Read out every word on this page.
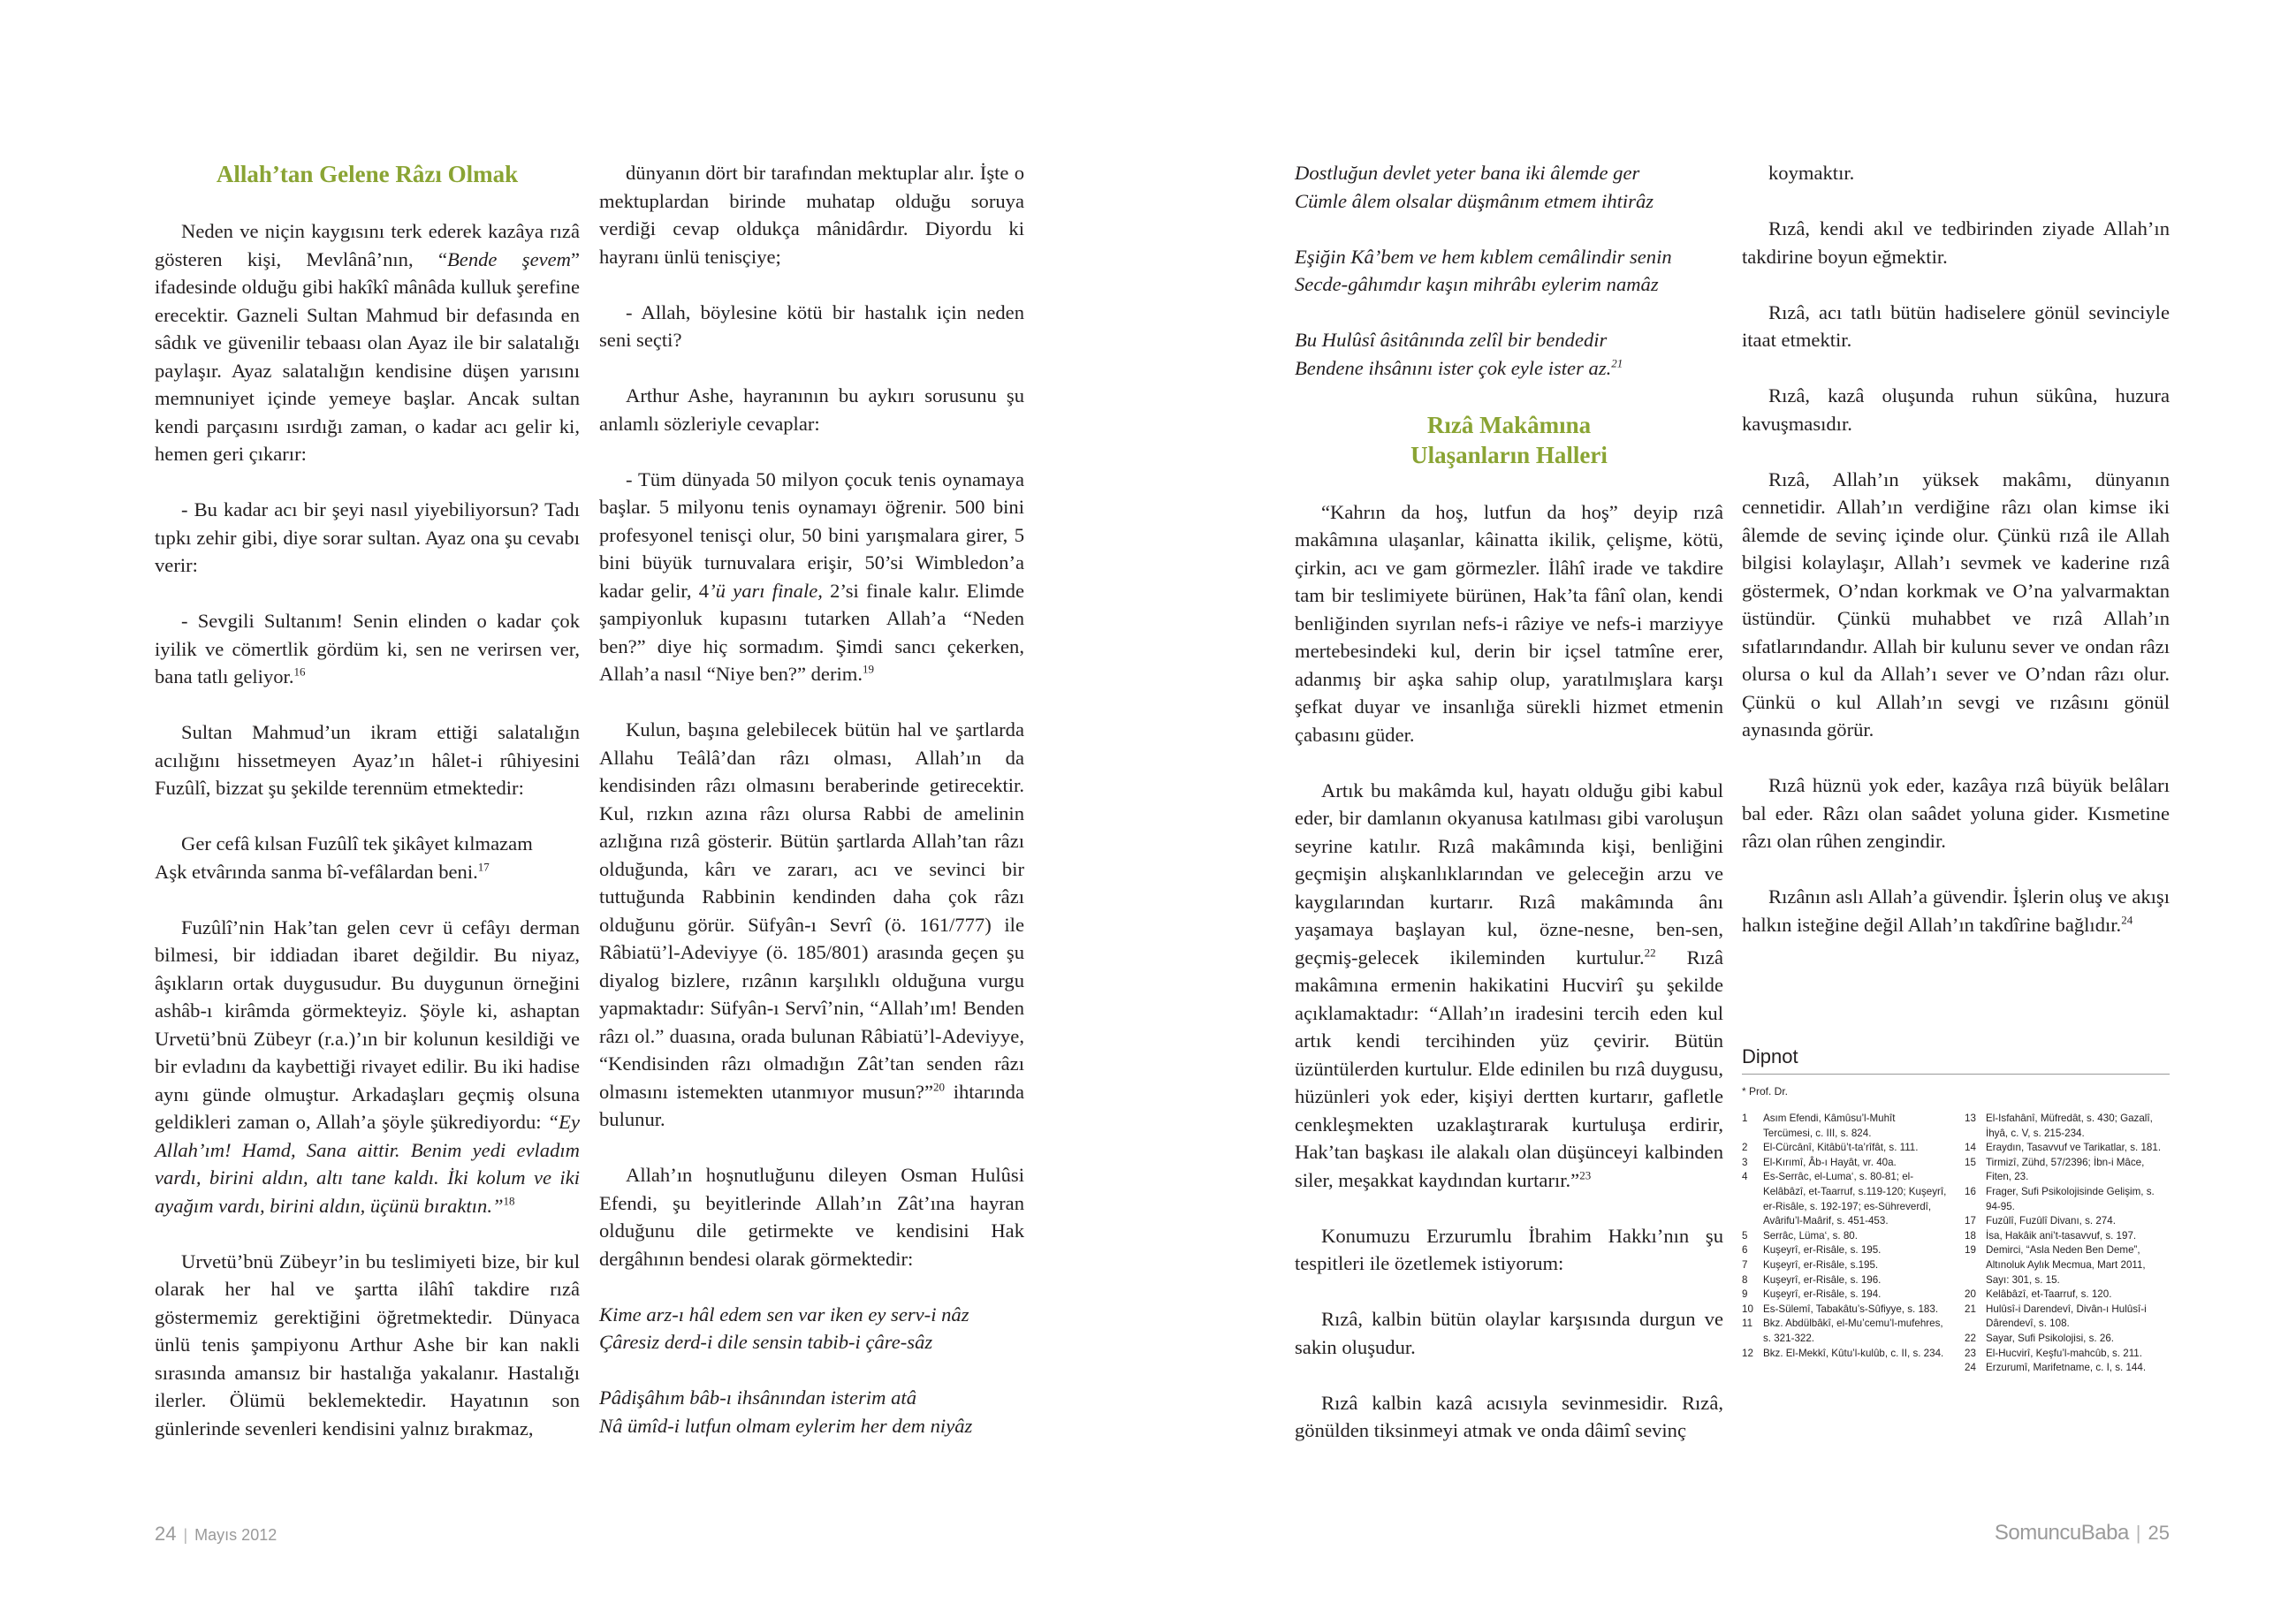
Allah’tan Gelene Râzı Olmak

Neden ve niçin kaygısını terk ederek kazâya rızâ gösteren kişi, Mevlânâ’nın, “Bende şevem” ifadesinde olduğu gibi hakîkî mânâda kulluk şerefine erecektir. Gazneli Sultan Mahmud bir defasında en sâdık ve güvenilir tebaası olan Ayaz ile bir salatalığı paylaşır. Ayaz salatalığın kendisine düşen yarısını memnuniyet içinde yemeye başlar. Ancak sultan kendi parçasını ısırdığı zaman, o kadar acı gelir ki, hemen geri çıkarır:

- Bu kadar acı bir şeyi nasıl yiyebiliyorsun? Tadı tıpkı zehir gibi, diye sorar sultan. Ayaz ona şu cevabı verir:

- Sevgili Sultanım! Senin elinden o kadar çok iyilik ve cömertlik gördüm ki, sen ne verirsen ver, bana tatlı geliyor.$^{16}$

Sultan Mahmud’un ikram ettiği salatalığın acılığını hissetmeyen Ayaz’ın hâlet-i rûhiyesini Fuzûlî, bizzat şu şekilde terennüm etmektedir:

Ger cefâ kılsan Fuzûlî tek şikâyet kılmazam
Aşk etvârında sanma bî-vefâlardan beni.$^{17}$

Fuzûlî’nin Hak’tan gelen cevr ü cefâyı derman bilmesi, bir iddiadan ibaret değildir. Bu niyaz, âşıkların ortak duygusudur. Bu duygunun örneğini ashâb-ı kirâmda görmekteyiz. Şöyle ki, ashaptan Urvetü’bnü Zübeyr (r.a.)’ın bir kolunun kesildiği ve bir evladını da kaybettiği rivayet edilir. Bu iki hadise aynı günde olmuştur. Arkadaşları geçmiş olsuna geldikleri zaman o, Allah’a şöyle şükrediyordu: “Ey Allah’ım! Hamd, Sana aittir. Benim yedi evladım vardı, birini aldın, altı tane kaldı. İki kolum ve iki ayağım vardı, birini aldın, üçünü bıraktın.”$^{18}$

Urvetü’bnü Zübeyr’in bu teslimiyeti bize, bir kul olarak her hal ve şartta ilâhî takdire rızâ göstermemiz gerektiğini öğretmektedir. Dünyaca ünlü tenis şampiyonu Arthur Ashe bir kan nakli sırasında amansız bir hastalığa yakalanır. Hastalığı ilerler. Ölümü beklemektedir. Hayatının son günlerinde sevenleri kendisini yalnız bırakmaz,

dünyanın dört bir tarafından mektuplar alır. İşte o mektuplardan birinde muhatap olduğu soruya verdiği cevap oldukça mânidârdır. Diyordu ki hayranı ünlü tenisçiye;

- Allah, böylesine kötü bir hastalık için neden seni seçti?

Arthur Ashe, hayranının bu aykırı sorusunu şu anlamlı sözleriyle cevaplar:

- Tüm dünyada 50 milyon çocuk tenis oynamaya başlar. 5 milyonu tenis oynamayı öğrenir. 500 bini profesyonel tenisçi olur, 50 bini yarışmalara girer, 5 bini büyük turnuvalara erişir, 50’si Wimbledon’a kadar gelir, 4’ü yarı finale, 2’si finale kalır. Elimde şampiyonluk kupasını tutarken Allah’a “Neden ben?” diye hiç sormadım. Şimdi sancı çekerken, Allah’a nasıl “Niye ben?” derim.$^{19}$

Kulun, başına gelebilecek bütün hal ve şartlarda Allahu Teâlâ’dan râzı olması, Allah’ın da kendisinden râzı olmasını beraberinde getirecektir. Kul, rızkın azına râzı olursa Rabbi de amelinin azlığına rızâ gösterir. Bütün şartlarda Allah’tan râzı olduğunda, kârı ve zararı, acı ve sevinci bir tuttuğunda Rabbinin kendinden daha çok râzı olduğunu görür. Süfyân-ı Sevrî (ö. 161/777) ile Râbiatü’l-Adeviyye (ö. 185/801) arasında geçen şu diyalog bizlere, rızânın karşılıklı olduğuna vurgu yapmaktadır: Süfyân-ı Servî’nin, “Allah’ım! Benden râzı ol.” duasına, orada bulunan Râbiatü’l-Adeviyye, “Kendisinden râzı olmadığın Zât’tan senden râzı olmasını istemekten utanmıyor musun?”$^{20}$ ihtarında bulunur.

Allah’ın hoşnutluğunu dileyen Osman Hulûsi Efendi, şu beyitlerinde Allah’ın Zât’ına hayran olduğunu dile getirmekte ve kendisini Hak dergâhının bendesi olarak görmektedir:

Kime arz-ı hâl edem sen var iken ey serv-i nâz
Çâresiz derd-i dile sensin tabib-i çâre-sâz

Pâdişâhım bâb-ı ihsânından isterim atâ
Nâ ümîd-i lutfun olmam eylerim her dem niyâz

24 | Mayıs 2012

Dostluğun devlet yeter bana iki âlemde ger
Cümle âlem olsalar düşmânım etmem ihtirâz

Eşiğin Kâ’bem ve hem kıblem cemâlindir senin
Secde-gâhımdır kaşın mihrâbı eylerim namâz

Bu Hulûsî âsitânında zelîl bir bendedir
Bendene ihsânını ister çok eyle ister az.$^{21}$

Rızâ Makâmına
Ulaşanların Halleri

“Kahrın da hoş, lutfun da hoş” deyip rızâ makâmına ulaşanlar, kâinatta ikilik, çelişme, kötü, çirkin, acı ve gam görmezler. İlâhî irade ve takdire tam bir teslimiyete bürünen, Hak’ta fânî olan, kendi benliğinden sıyrılan nefs-i râziye ve nefs-i marziyye mertebesindeki kul, derin bir içsel tatmîne erer, adanmış bir aşka sahip olup, yaratılmışlara karşı şefkat duyar ve insanlığa sürekli hizmet etmenin çabasını güder.

Artık bu makâmda kul, hayatı olduğu gibi kabul eder, bir damlanın okyanusa katılması gibi varoluşun seyrine katılır. Rızâ makâmında kişi, benliğini geçmişin alışkanlıklarından ve geleceğin arzu ve kaygılarından kurtarır. Rızâ makâmında ânı yaşamaya başlayan kul, özne-nesne, ben-sen, geçmiş-gelecek ikileminden kurtulur.$^{22}$ Rızâ makâmına ermenin hakikatini Hucvirî şu şekilde açıklamaktadır: “Allah’ın iradesini tercih eden kul artık kendi tercihinden yüz çevirir. Bütün üzüntülerden kurtulur. Elde edinilen bu rızâ duygusu, hüzünleri yok eder, kişiyi dertten kurtarır, gafletle cenkleşmekten uzaklaştırarak kurtuluşa erdirir, Hak’tan başkası ile alakalı olan düşünceyi kalbinden siler, meşakkat kaydından kurtarır.”$^{23}$

Konumuzu Erzurumlu İbrahim Hakkı’nın şu tespitleri ile özetlemek istiyorum:

Rızâ, kalbin bütün olaylar karşısında durgun ve sakin oluşudur.

Rızâ kalbin kazâ acısıyla sevinmesidir. Rızâ, gönülden tiksinmeyi atmak ve onda dâimî sevinç

koymaktır.

Rızâ, kendi akıl ve tedbirinden ziyade Allah’ın takdirine boyun eğmektir.

Rızâ, acı tatlı bütün hadiselere gönül sevinciyle itaat etmektir.

Rızâ, kazâ oluşunda ruhun sükûna, huzura kavuşmasıdır.

Rızâ, Allah’ın yüksek makâmı, dünyanın cennetidir. Allah’ın verdiğine râzı olan kimse iki âlemde de sevinç içinde olur. Çünkü rızâ ile Allah bilgisi kolaylaşır, Allah’ı sevmek ve kaderine rızâ göstermek, O’ndan korkmak ve O’na yalvarmaktan üstündür. Çünkü muhabbet ve rızâ Allah’ın sıfatlarındandır. Allah bir kulunu sever ve ondan râzı olursa o kul da Allah’ı sever ve O’ndan râzı olur. Çünkü o kul Allah’ın sevgi ve rızâsını gönül aynasında görür.

Rızâ hüznü yok eder, kazâya rızâ büyük belâları bal eder. Râzı olan saâdet yoluna gider. Kısmetine râzı olan rûhen zengindir.

Rızânın aslı Allah’a güvendir. İşlerin oluş ve akışı halkın isteğine değil Allah’ın takdîrine bağlıdır.$^{24}$

Dipnot
* Prof. Dr.
1	Asım Efendi, Kâmûsu’l-Muhît Tercümesi, c. III, s. 824.
2	El-Cürcânî, Kitâbü’t-ta’rîfât, s. 111.
3	El-Kırımî, Âb-ı Hayât, vr. 40a.
4	Es-Serrâc, el-Luma‘, s. 80-81; el-Kelâbâzî, et-Taarruf, s.119-120; Kuşeyrî, er-Risâle, s. 192-197; es-Sühreverdî, Avârifu’l-Maârif, s. 451-453.
5	Serrâc, Lüma‘, s. 80.
6	Kuşeyrî, er-Risâle, s. 195.
7	Kuşeyrî, er-Risâle, s.195.
8	Kuşeyrî, er-Risâle, s. 196.
9	Kuşeyrî, er-Risâle, s. 194.
10 Es-Sülemî, Tabakâtu’s-Sûfiyye, s. 183.
11	Bkz. Abdülbâkî, el-Mu’cemu’l-mufehres, s. 321-322.
12 Bkz. El-Mekkî, Kûtu’l-kulûb, c. II, s. 234.
13 El-Isfahânî, Müfredât, s. 430; Gazalî, İhyâ, c. V, s. 215-234.
14 Eraydın, Tasavvuf ve Tarikatlar, s. 181.
15 Tirmizî, Zühd, 57/2396; İbn-i Mâce, Fiten, 23.
16 Frager, Sufi Psikolojisinde Gelişim, s. 94-95.
17 Fuzûlî, Fuzûlî Divanı, s. 274.
18 İsa, Hakâik ani’t-tasavvuf, s. 197.
19 Demirci, “Asla Neden Ben Deme”, Altınoluk Aylık Mecmua, Mart 2011, Sayı: 301, s. 15.
20 Kelâbâzî, et-Taarruf, s. 120.
21 Hulûsî-i Darendevî, Divân-ı Hulûsî-i Dârendevî, s. 108.
22 Sayar, Sufi Psikolojisi, s. 26.
23 El-Hucvirî, Keşfu’l-mahcûb, s. 211.
24 Erzurumî, Marifetname, c. I, s. 144.
SomuncuBaba | 25
